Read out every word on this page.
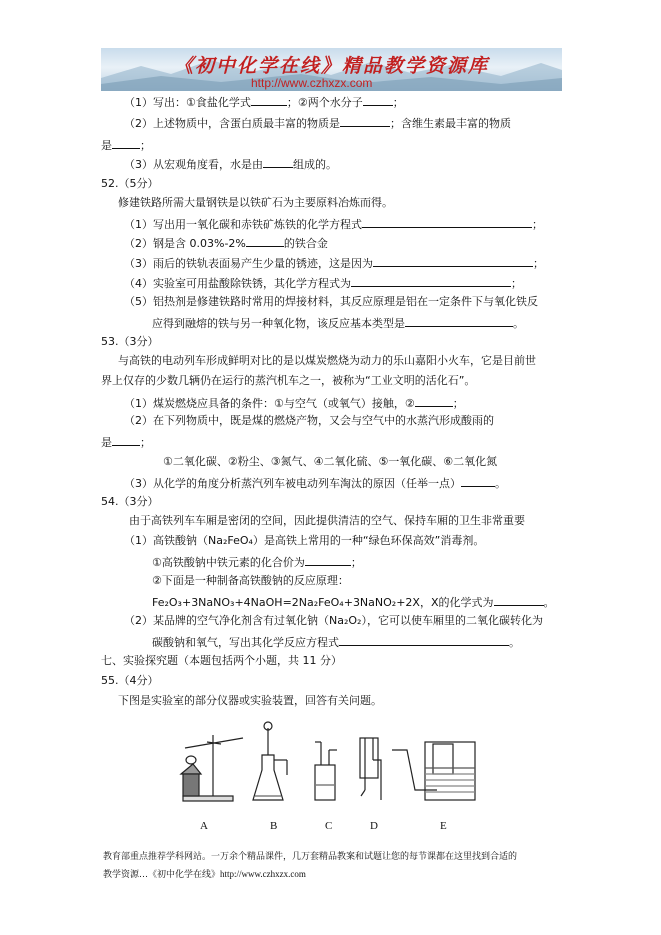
《初中化学在线》精品教学资源库
http://www.czhxzx.com
（1）写出：①食盐化学式	；②两个水分子	；
（2）上述物质中，含蛋白质最丰富的物质是	；含维生素最丰富的物质
是	；
（3）从宏观角度看，水是由	组成的。
52.（5分）
修建铁路所需大量钢铁是以铁矿石为主要原料冶炼而得。
（1）写出用一氧化碳和赤铁矿炼铁的化学方程式	；
（2）钢是含 0.03%-2%	的铁合金
（3）雨后的铁轨表面易产生少量的锈迹，这是因为	；
（4）实验室可用盐酸除铁锈，其化学方程式为	；
（5）铝热剂是修建铁路时常用的焊接材料，其反应原理是铝在一定条件下与氧化铁反
应得到融熔的铁与另一种氧化物，该反应基本类型是	。
53.（3分）
与高铁的电动列车形成鲜明对比的是以煤炭燃烧为动力的乐山嘉阳小火车，它是目前世
界上仅存的少数几辆仍在运行的蒸汽机车之一，被称为“工业文明的活化石”。
（1）煤炭燃烧应具备的条件：①与空气（或氧气）接触，②	；
（2）在下列物质中，既是煤的燃烧产物，又会与空气中的水蒸汽形成酸雨的
是	；
①二氧化碳、②粉尘、③氮气、④二氧化硫、⑤一氧化碳、⑥二氧化氮
（3）从化学的角度分析蒸汽列车被电动列车淘汰的原因（任举一点）	。
54.（3分）
由于高铁列车车厢是密闭的空间，因此提供清洁的空气、保持车厢的卫生非常重要
（1）高铁酸钠（Na₂FeO₄）是高铁上常用的一种“绿色环保高效”消毒剂。
①高铁酸钠中铁元素的化合价为	；
②下面是一种制备高铁酸钠的反应原理：
Fe₂O₃+3NaNO₃+4NaOH=2Na₂FeO₄+3NaNO₂+2X，X的化学式为	。
（2）某品牌的空气净化剂含有过氧化钠（Na₂O₂），它可以使车厢里的二氧化碳转化为
碳酸钠和氧气，写出其化学反应方程式	。
七、实验探究题（本题包括两个小题，共 11 分）
55.（4分）
下图是实验室的部分仪器或实验装置，回答有关问题。
A	B	C	D	E
教育部重点推荐学科网站。一万余个精品课件，几万套精品教案和试题让您的每节课都在这里找到合适的
教学资源…《初中化学在线》http://www.czhxzx.com
